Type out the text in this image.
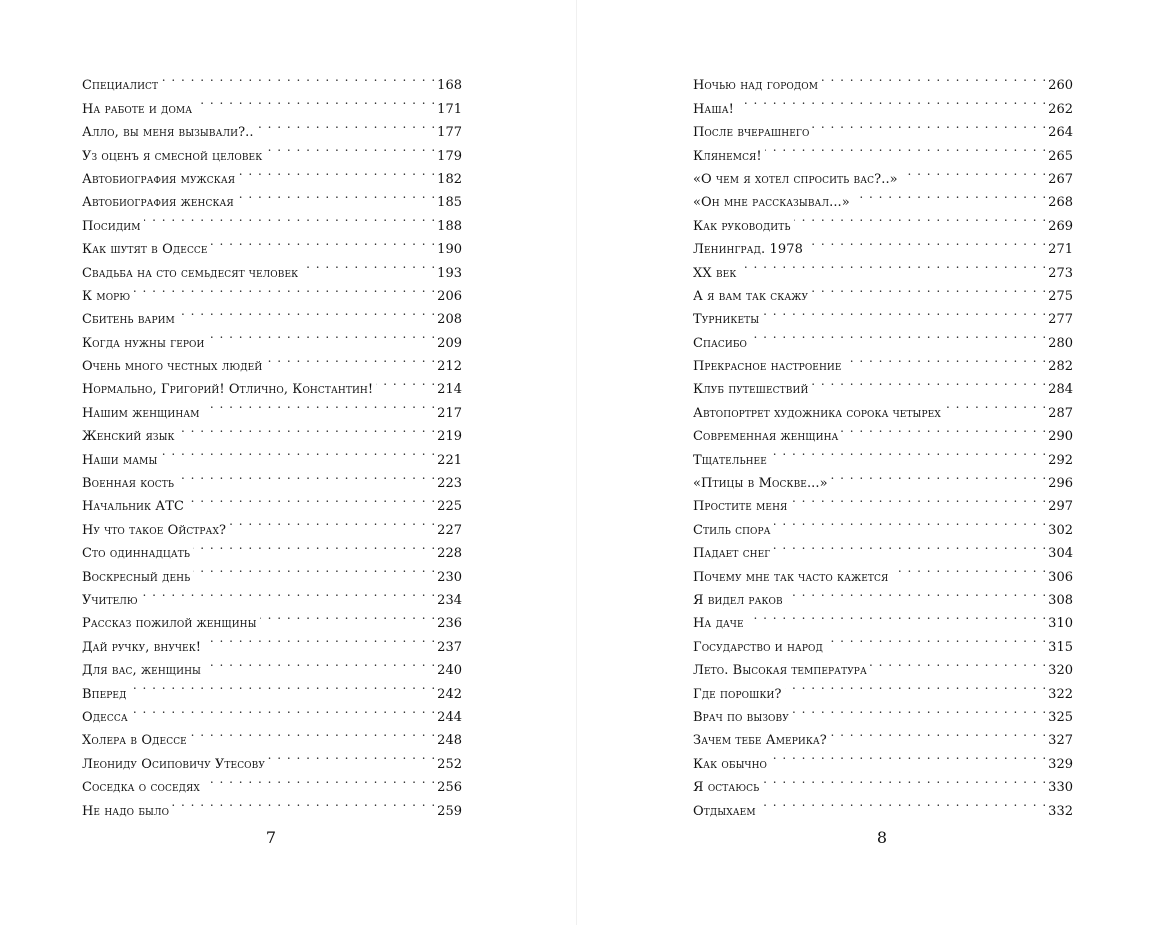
Специалист . . .	168
На работе и дома . . .	171
Алло, вы меня вызывали?.. . . .	177
Уз оценъ я смесной целовек . . .	179
Автобиография мужская . . .	182
Автобиография женская . . .	185
Посидим . . .	188
Как шутят в Одессе . . .	190
Свадьба на сто семьдесят человек . . .	193
К морю . . .	206
Сбитень варим . . .	208
Когда нужны герои . . .	209
Очень много честных людей . . .	212
Нормально, Григорий! Отлично, Константин! . . .	214
Нашим женщинам . . .	217
Женский язык . . .	219
Наши мамы . . .	221
Военная кость . . .	223
Начальник АТС . . .	225
Ну что такое Ойстрах? . . .	227
Сто одиннадцать . . .	228
Воскресный день . . .	230
Учителю . . .	234
Рассказ пожилой женщины . . .	236
Дай ручку, внучек! . . .	237
Для вас, женщины . . .	240
Вперед . . .	242
Одесса . . .	244
Холера в Одессе . . .	248
Леониду Осиповичу Утесову . . .	252
Соседка о соседях . . .	256
Не надо было . . .	259
Ночью над городом . . .	260
Наша! . . .	262
После вчерашнего . . .	264
Клянемся! . . .	265
«О чем я хотел спросить вас?..» . . .	267
«Он мне рассказывал...» . . .	268
Как руководить . . .	269
Ленинград. 1978 . . .	271
XX век . . .	273
А я вам так скажу . . .	275
Турникеты . . .	277
Спасибо . . .	280
Прекрасное настроение . . .	282
Клуб путешествий . . .	284
Автопортрет художника сорока четырех . . .	287
Современная женщина . . .	290
Тщательнее . . .	292
«Птицы в Москве...» . . .	296
Простите меня . . .	297
Стиль спора . . .	302
Падает снег . . .	304
Почему мне так часто кажется . . .	306
Я видел раков . . .	308
На даче . . .	310
Государство и народ . . .	315
Лето. Высокая температура . . .	320
Где порошки? . . .	322
Врач по вызову . . .	325
Зачем тебе Америка? . . .	327
Как обычно . . .	329
Я остаюсь . . .	330
Отдыхаем . . .	332
7	8
